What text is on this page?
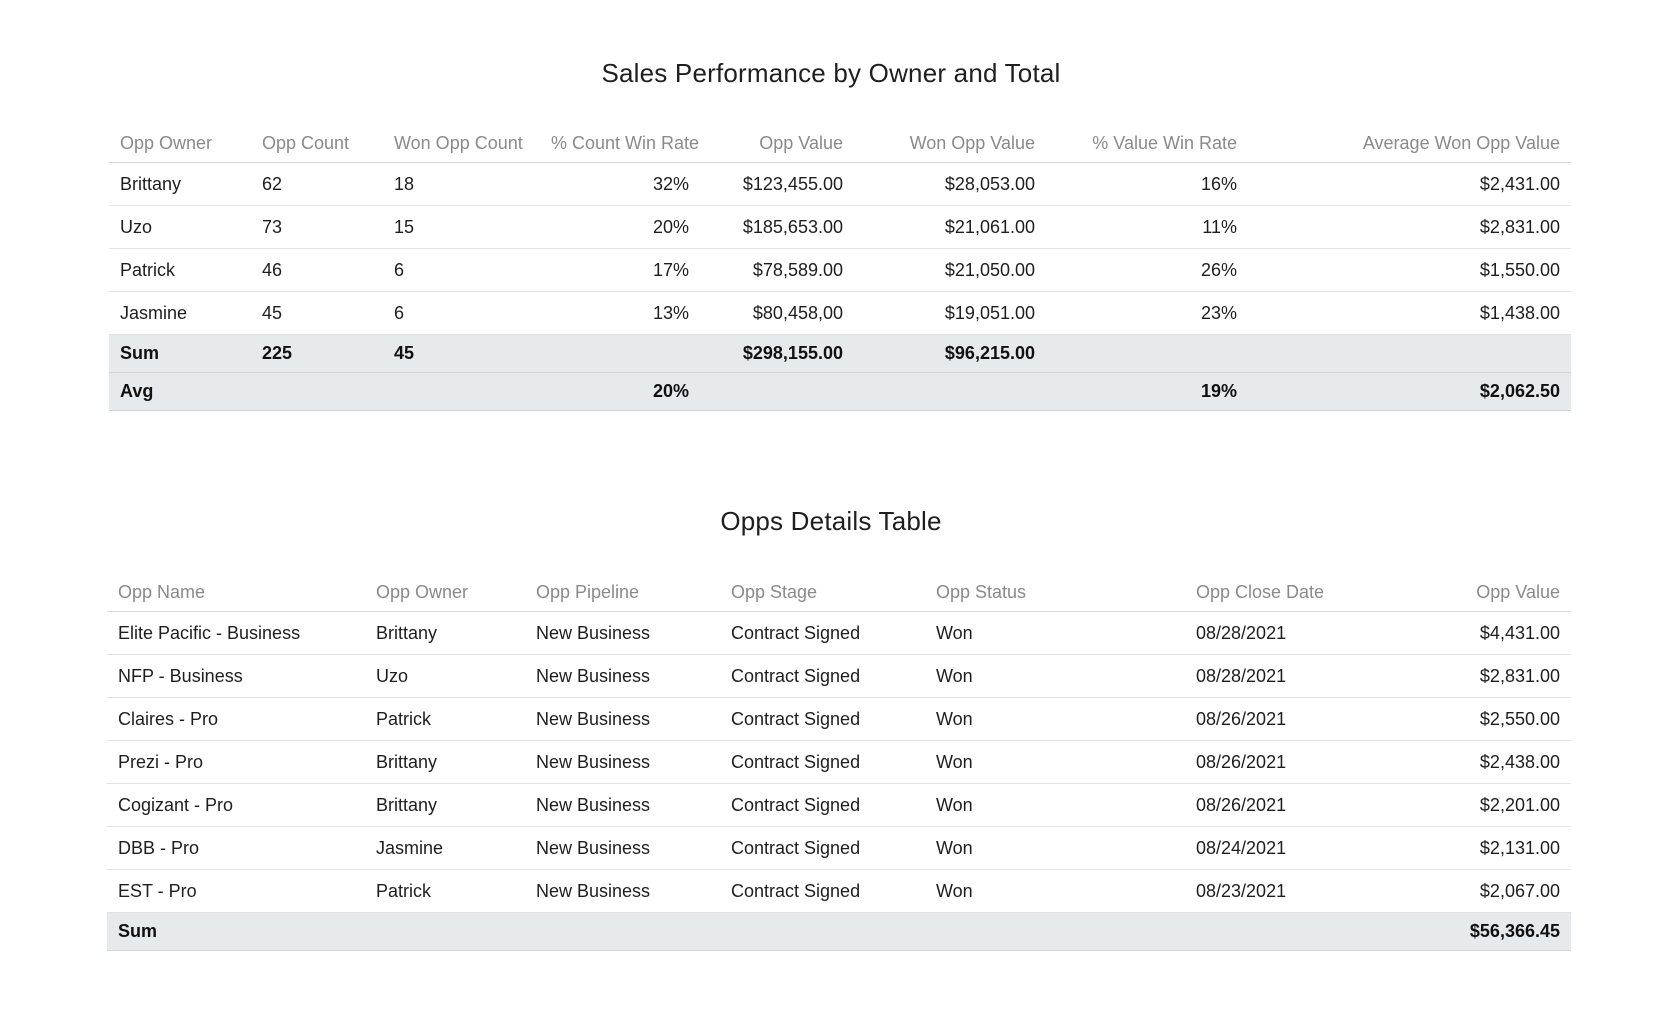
Sales Performance by Owner and Total
Opp Owner	Opp Count	Won Opp Count	% Count Win Rate	Opp Value	Won Opp Value	% Value Win Rate	Average Won Opp Value
Brittany	62	18	32%	$123,455.00	$28,053.00	16%	$2,431.00
Uzo	73	15	20%	$185,653.00	$21,061.00	11%	$2,831.00
Patrick	46	6	17%	$78,589.00	$21,050.00	26%	$1,550.00
Jasmine	45	6	13%	$80,458,00	$19,051.00	23%	$1,438.00
Sum	225	45		$298,155.00	$96,215.00		
Avg			20%			19%	$2,062.50
Opps Details Table
Opp Name	Opp Owner	Opp Pipeline	Opp Stage	Opp Status	Opp Close Date	Opp Value
Elite Pacific - Business	Brittany	New Business	Contract Signed	Won	08/28/2021	$4,431.00
NFP - Business	Uzo	New Business	Contract Signed	Won	08/28/2021	$2,831.00
Claires - Pro	Patrick	New Business	Contract Signed	Won	08/26/2021	$2,550.00
Prezi - Pro	Brittany	New Business	Contract Signed	Won	08/26/2021	$2,438.00
Cogizant - Pro	Brittany	New Business	Contract Signed	Won	08/26/2021	$2,201.00
DBB - Pro	Jasmine	New Business	Contract Signed	Won	08/24/2021	$2,131.00
EST - Pro	Patrick	New Business	Contract Signed	Won	08/23/2021	$2,067.00
Sum						$56,366.45
